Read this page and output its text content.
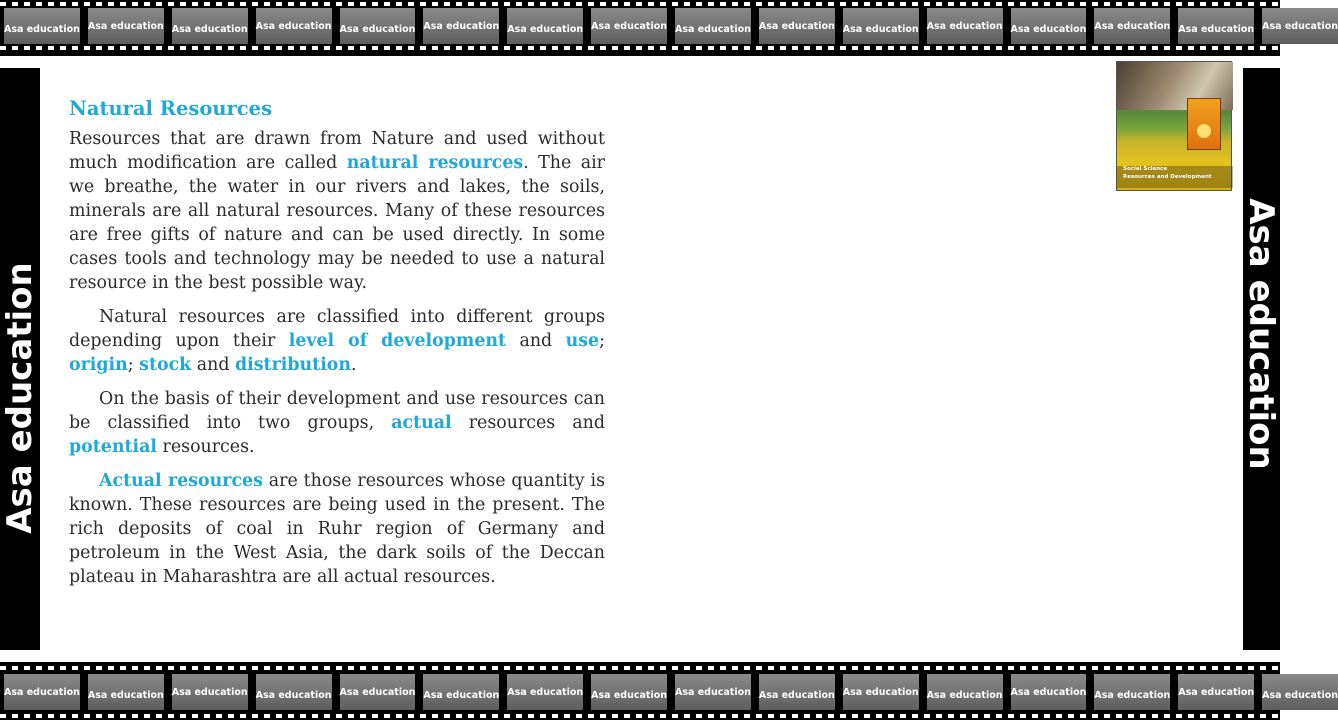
Asa education Asa education Asa education Asa education Asa education Asa education Asa education Asa education Asa education Asa education Asa education Asa education Asa education Asa education Asa education Asa education
Asa education	Asa education
Social Science
Resources and Development
Natural Resources

Resources that are drawn from Nature and used without much modification are called natural resources. The air we breathe, the water in our rivers and lakes, the soils, minerals are all natural resources. Many of these resources are free gifts of nature and can be used directly. In some cases tools and technology may be needed to use a natural resource in the best possible way.

Natural resources are classified into different groups depending upon their level of development and use; origin; stock and distribution.

On the basis of their development and use resources can be classified into two groups, actual resources and potential resources.

Actual resources are those resources whose quantity is known. These resources are being used in the present. The rich deposits of coal in Ruhr region of Germany and petroleum in the West Asia, the dark soils of the Deccan plateau in Maharashtra are all actual resources.

Asa education Asa education Asa education Asa education Asa education Asa education Asa education Asa education Asa education Asa education Asa education Asa education Asa education Asa education Asa education Asa education
